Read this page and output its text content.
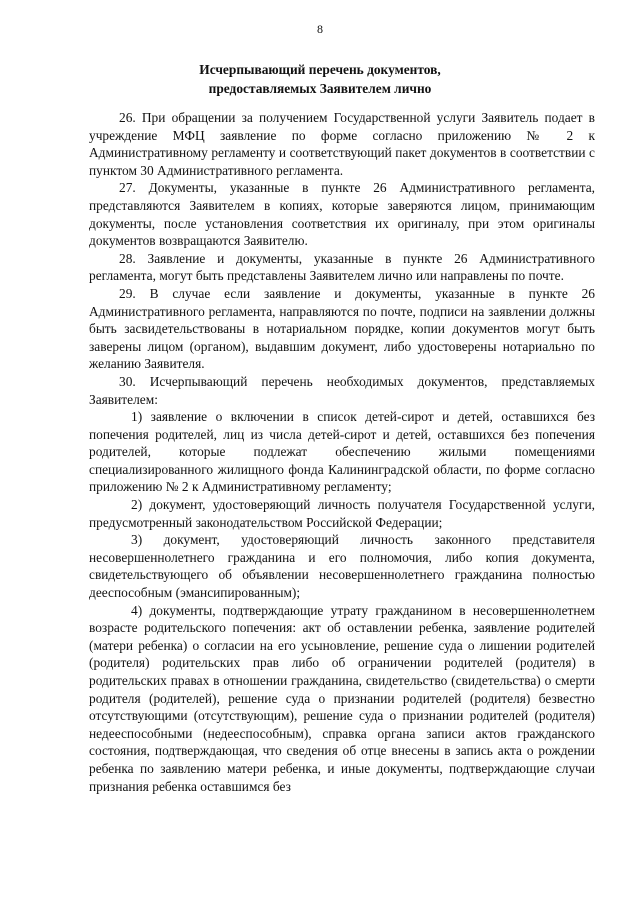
8
Исчерпывающий перечень документов,
предоставляемых Заявителем лично

26. При обращении за получением Государственной услуги Заявитель подает в учреждение МФЦ заявление по форме согласно приложению № 2 к Административному регламенту и соответствующий пакет документов в соответствии с пунктом 30 Административного регламента.

27. Документы, указанные в пункте 26 Административного регламента, представляются Заявителем в копиях, которые заверяются лицом, принимающим документы, после установления соответствия их оригиналу, при этом оригиналы документов возвращаются Заявителю.

28. Заявление и документы, указанные в пункте 26 Административного регламента, могут быть представлены Заявителем лично или направлены по почте.

29. В случае если заявление и документы, указанные в пункте 26 Административного регламента, направляются по почте, подписи на заявлении должны быть засвидетельствованы в нотариальном порядке, копии документов могут быть заверены лицом (органом), выдавшим документ, либо удостоверены нотариально по желанию Заявителя.

30. Исчерпывающий перечень необходимых документов, представляемых Заявителем:

1) заявление о включении в список детей-сирот и детей, оставшихся без попечения родителей, лиц из числа детей-сирот и детей, оставшихся без попечения родителей, которые подлежат обеспечению жилыми помещениями специализированного жилищного фонда Калининградской области, по форме согласно приложению № 2 к Административному регламенту;

2) документ, удостоверяющий личность получателя Государственной услуги, предусмотренный законодательством Российской Федерации;

3) документ, удостоверяющий личность законного представителя несовершеннолетнего гражданина и его полномочия, либо копия документа, свидетельствующего об объявлении несовершеннолетнего гражданина полностью дееспособным (эмансипированным);

4) документы, подтверждающие утрату гражданином в несовершеннолетнем возрасте родительского попечения: акт об оставлении ребенка, заявление родителей (матери ребенка) о согласии на его усыновление, решение суда о лишении родителей (родителя) родительских прав либо об ограничении родителей (родителя) в родительских правах в отношении гражданина, свидетельство (свидетельства) о смерти родителя (родителей), решение суда о признании родителей (родителя) безвестно отсутствующими (отсутствующим), решение суда о признании родителей (родителя) недееспособными (недееспособным), справка органа записи актов гражданского состояния, подтверждающая, что сведения об отце внесены в запись акта о рождении ребенка по заявлению матери ребенка, и иные документы, подтверждающие случаи признания ребенка оставшимся без
